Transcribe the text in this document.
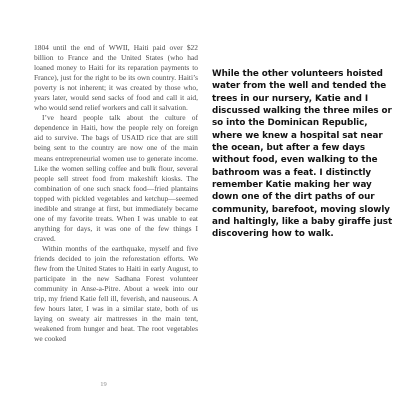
1804 until the end of WWII, Haiti paid over $22 billion to France and the United States (who had loaned money to Haiti for its reparation payments to France), just for the right to be its own country. Haiti’s poverty is not inherent; it was created by those who, years later, would send sacks of food and call it aid, who would send relief workers and call it salvation.

I’ve heard people talk about the culture of dependence in Haiti, how the people rely on foreign aid to survive. The bags of USAID rice that are still being sent to the country are now one of the main means entrepreneurial women use to generate income. Like the women selling coffee and bulk flour, several people sell street food from makeshift kiosks. The combination of one such snack food—fried plantains topped with pickled vegetables and ketchup—seemed inedible and strange at first, but immediately became one of my favorite treats. When I was unable to eat anything for days, it was one of the few things I craved.

Within months of the earthquake, myself and five friends decided to join the reforestation efforts. We flew from the United States to Haiti in early August, to participate in the new Sadhana Forest volunteer community in Anse-a-Pitre. About a week into our trip, my friend Katie fell ill, feverish, and nauseous. A few hours later, I was in a similar state, both of us laying on sweaty air mattresses in the main tent, weakened from hunger and heat. The root vegetables we cooked

19
While the other volunteers hoisted water from the well and tended the trees in our nursery, Katie and I discussed walking the three miles or so into the Dominican Republic, where we knew a hospital sat near the ocean, but after a few days without food, even walking to the bathroom was a feat. I distinctly remember Katie making her way down one of the dirt paths of our community, barefoot, moving slowly and haltingly, like a baby giraffe just discovering how to walk.
